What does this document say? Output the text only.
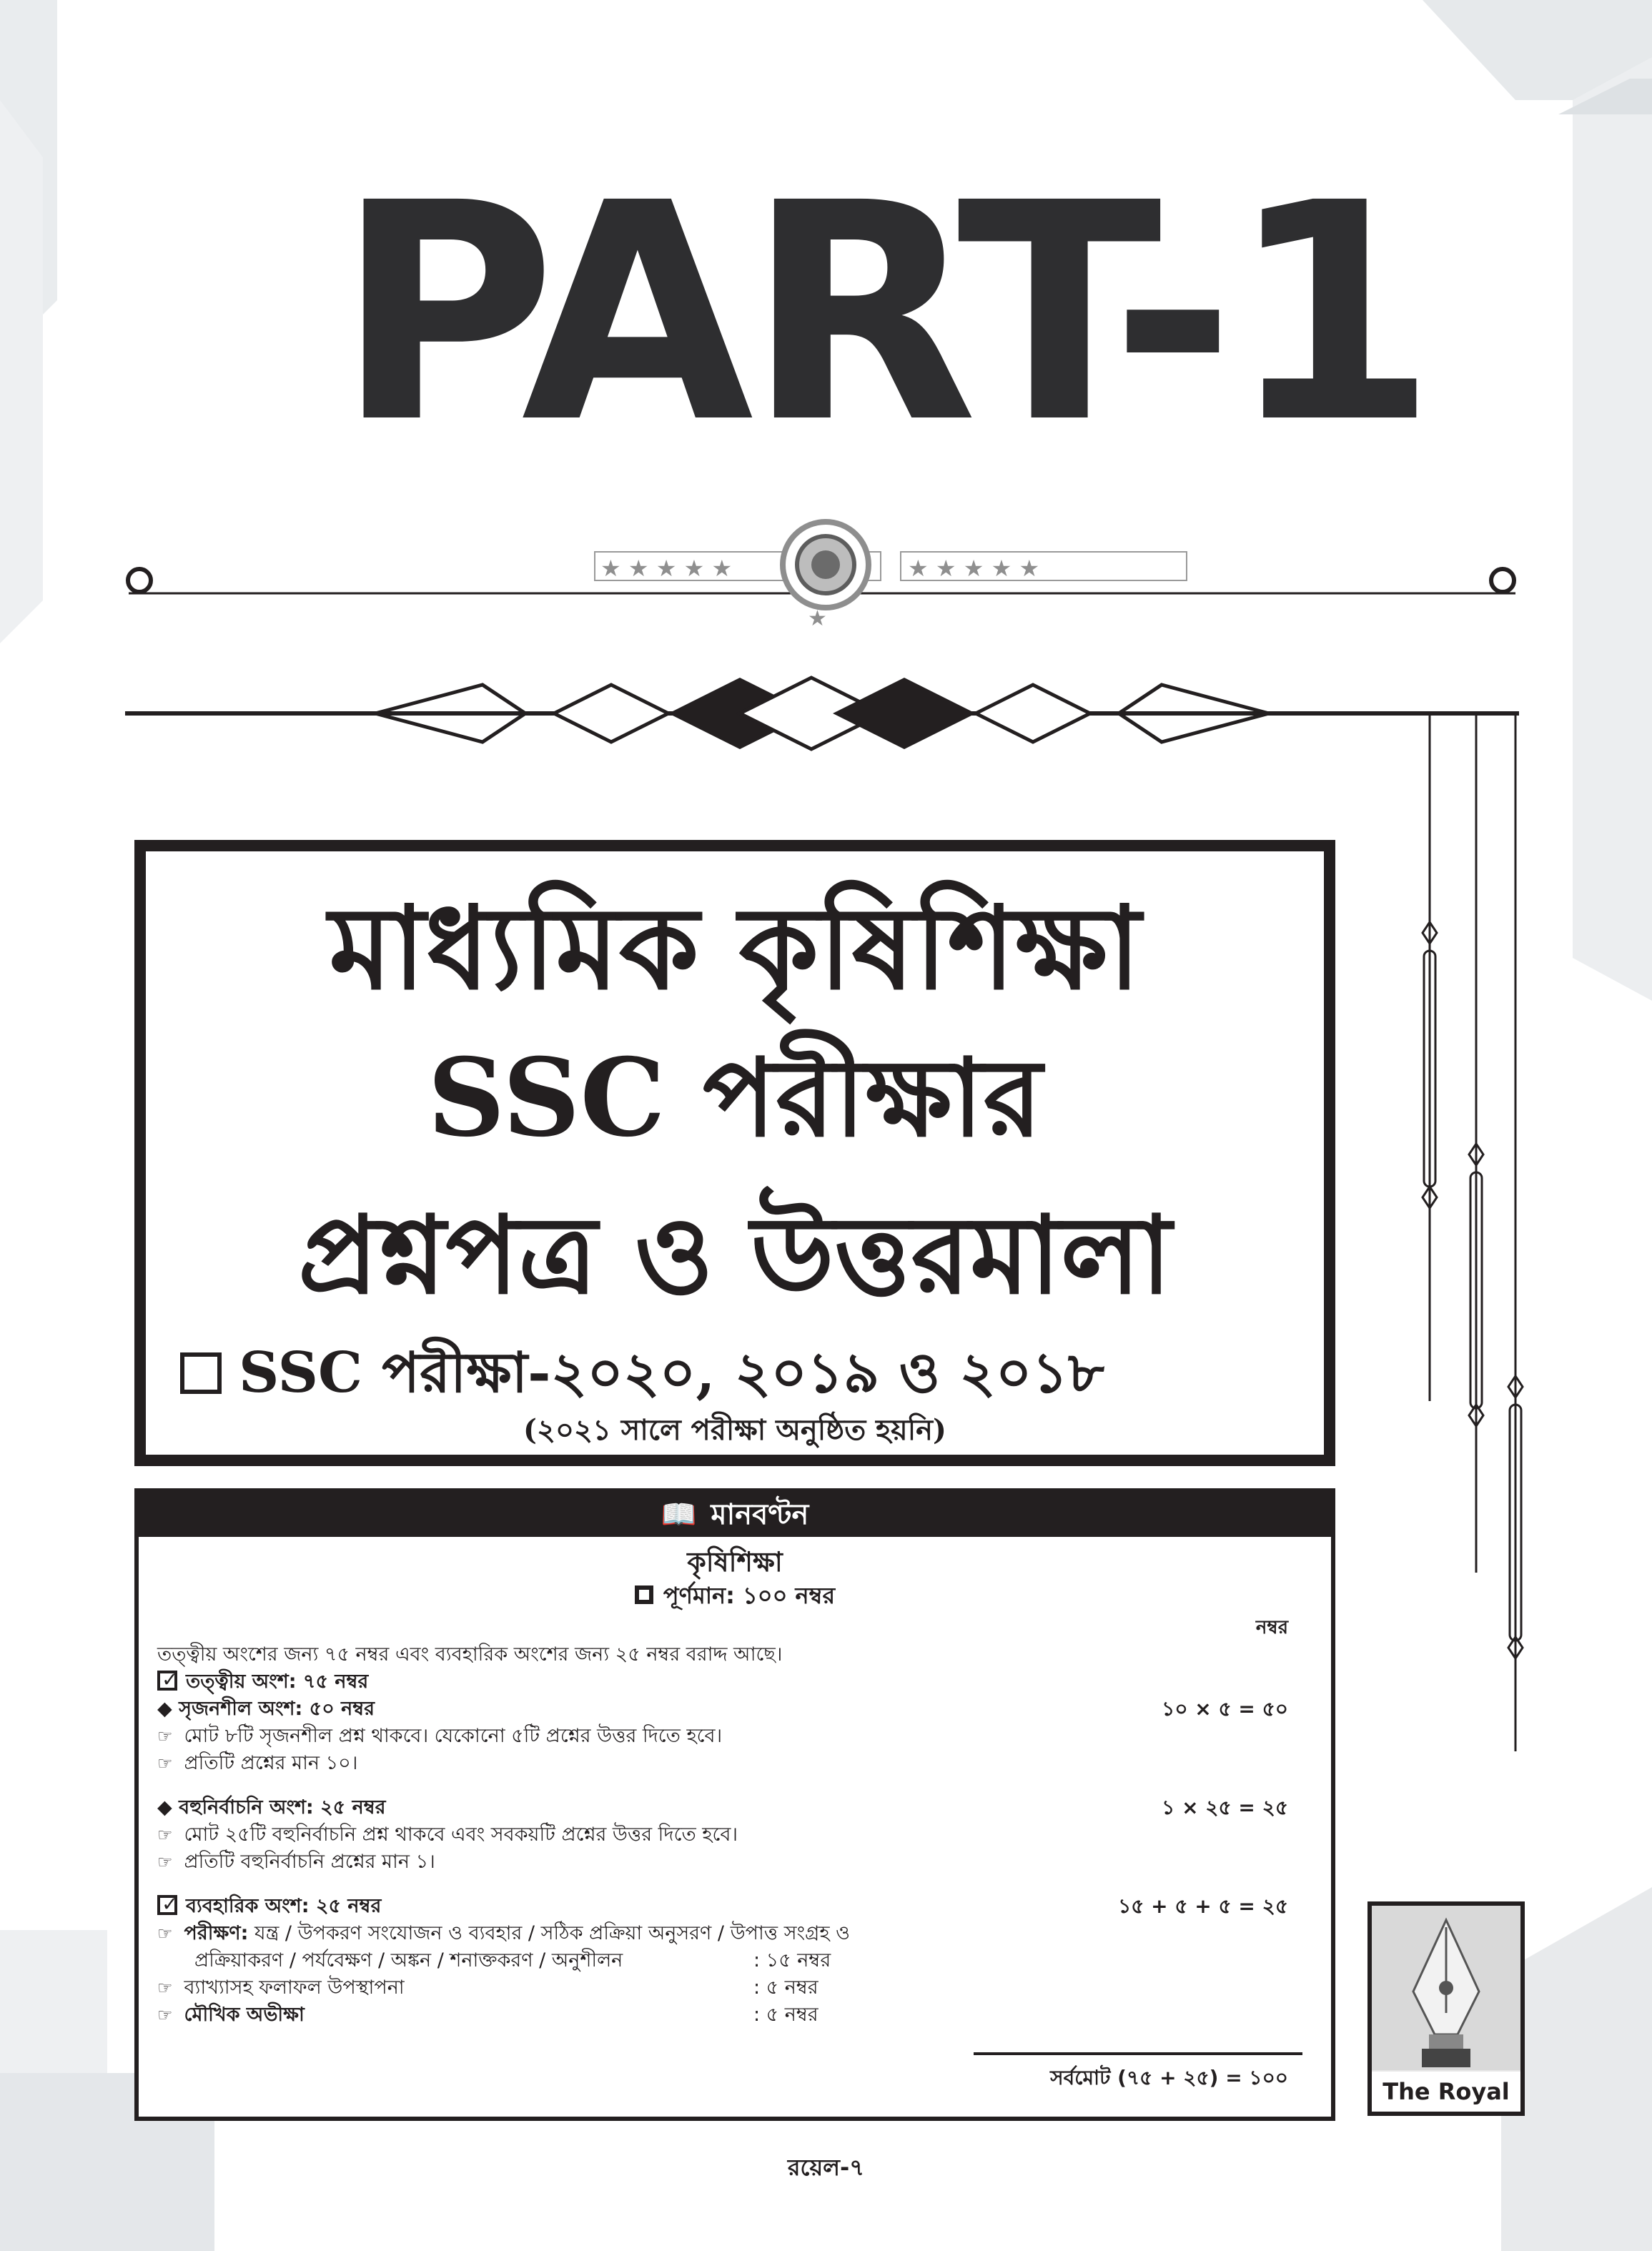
PART-1
★ ★ ★ ★ ★	★ ★ ★ ★ ★
★
মাধ্যমিক কৃষিশিক্ষা
SSC পরীক্ষার
প্রশ্নপত্র ও উত্তরমালা
SSC পরীক্ষা-২০২০, ২০১৯ ও ২০১৮
(২০২১ সালে পরীক্ষা অনুষ্ঠিত হয়নি)
📖 মানবণ্টন
কৃষিশিক্ষা
পূর্ণমান: ১০০ নম্বর
নম্বর
তত্ত্বীয় অংশের জন্য ৭৫ নম্বর এবং ব্যবহারিক অংশের জন্য ২৫ নম্বর বরাদ্দ আছে।
✓তত্ত্বীয় অংশ: ৭৫ নম্বর
◆ সৃজনশীল অংশ: ৫০ নম্বর	১০ × ৫ = ৫০
☞ মোট ৮টি সৃজনশীল প্রশ্ন থাকবে। যেকোনো ৫টি প্রশ্নের উত্তর দিতে হবে।
☞ প্রতিটি প্রশ্নের মান ১০।
◆ বহুনির্বাচনি অংশ: ২৫ নম্বর	১ × ২৫ = ২৫
☞ মোট ২৫টি বহুনির্বাচনি প্রশ্ন থাকবে এবং সবকয়টি প্রশ্নের উত্তর দিতে হবে।
☞ প্রতিটি বহুনির্বাচনি প্রশ্নের মান ১।
✓ব্যবহারিক অংশ: ২৫ নম্বর	১৫ + ৫ + ৫ = ২৫
☞ পরীক্ষণ: যন্ত্র / উপকরণ সংযোজন ও ব্যবহার / সঠিক প্রক্রিয়া অনুসরণ / উপাত্ত সংগ্রহ ও
প্রক্রিয়াকরণ / পর্যবেক্ষণ / অঙ্কন / শনাক্তকরণ / অনুশীলন	: ১৫ নম্বর
☞ ব্যাখ্যাসহ ফলাফল উপস্থাপনা	: ৫ নম্বর
☞ মৌখিক অভীক্ষা	: ৫ নম্বর
সর্বমোট (৭৫ + ২৫) = ১০০
The Royal
রয়েল-৭
